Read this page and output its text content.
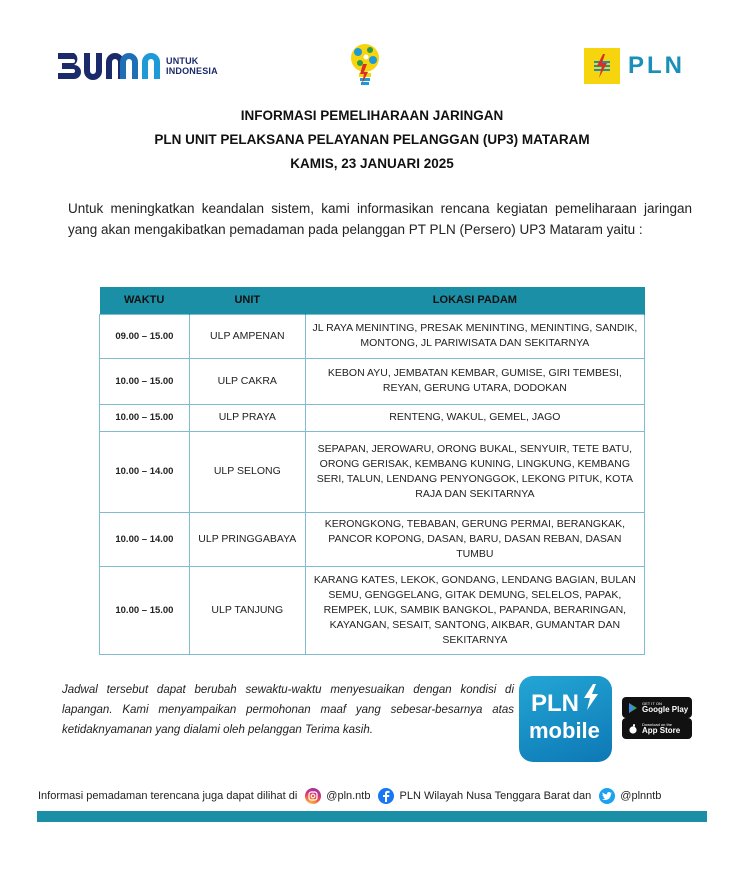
UNTUK
INDONESIA	PLN
INFORMASI PEMELIHARAAN JARINGAN
PLN UNIT PELAKSANA PELAYANAN PELANGGAN (UP3) MATARAM
KAMIS, 23 JANUARI 2025

Untuk meningkatkan keandalan sistem, kami informasikan rencana kegiatan pemeliharaan jaringan yang akan mengakibatkan pemadaman pada pelanggan PT PLN (Persero) UP3 Mataram yaitu :

WAKTU	UNIT	LOKASI PADAM
09.00 – 15.00	ULP AMPENAN	JL RAYA MENINTING, PRESAK MENINTING, MENINTING, SANDIK, MONTONG, JL PARIWISATA DAN SEKITARNYA
10.00 – 15.00	ULP CAKRA	KEBON AYU, JEMBATAN KEMBAR, GUMISE, GIRI TEMBESI, REYAN, GERUNG UTARA, DODOKAN
10.00 – 15.00	ULP PRAYA	RENTENG, WAKUL, GEMEL, JAGO
10.00 – 14.00	ULP SELONG	SEPAPAN, JEROWARU, ORONG BUKAL, SENYUIR, TETE BATU, ORONG GERISAK, KEMBANG KUNING, LINGKUNG, KEMBANG SERI, TALUN, LENDANG PENYONGGOK, LEKONG PITUK, KOTA RAJA DAN SEKITARNYA
10.00 – 14.00	ULP PRINGGABAYA	KERONGKONG, TEBABAN, GERUNG PERMAI, BERANGKAK, PANCOR KOPONG, DASAN, BARU, DASAN REBAN, DASAN TUMBU
10.00 – 15.00	ULP TANJUNG	KARANG KATES, LEKOK, GONDANG, LENDANG BAGIAN, BULAN SEMU, GENGGELANG, GITAK DEMUNG, SELELOS, PAPAK, REMPEK, LUK, SAMBIK BANGKOL, PAPANDA, BERARINGAN, KAYANGAN, SESAIT, SANTONG, AIKBAR, GUMANTAR DAN SEKITARNYA

Jadwal tersebut dapat berubah sewaktu-waktu menyesuaikan dengan kondisi di lapangan. Kami menyampaikan permohonan maaf yang sebesar-besarnya atas ketidaknyamanan yang dialami oleh pelanggan Terima kasih.

PLN
mobile
GET IT ON
Google Play
Download on the
App Store
Informasi pemadaman terencana juga dapat dilihat di	@pln.ntb	PLN Wilayah Nusa Tenggara Barat dan	@plnntb
